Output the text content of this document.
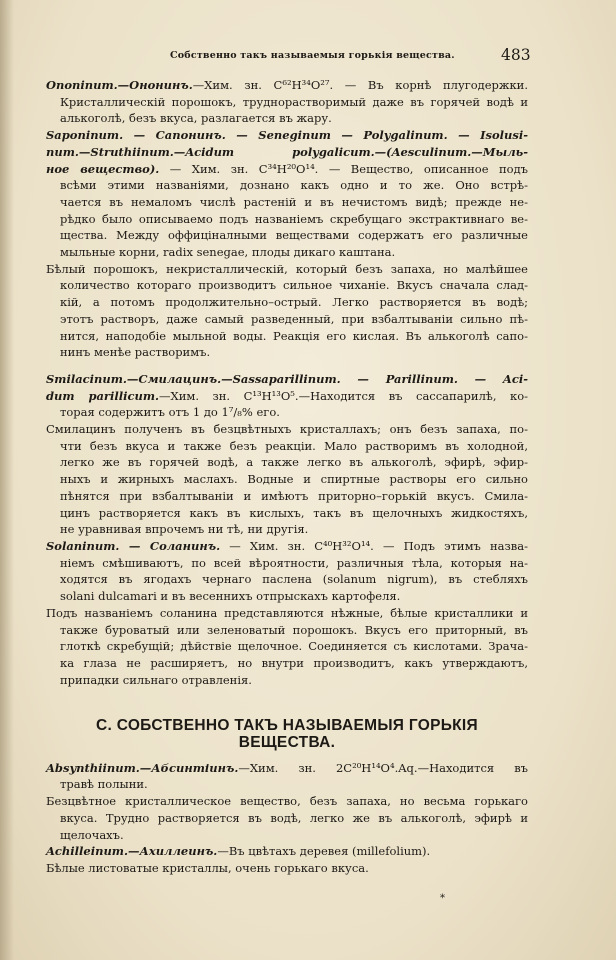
Собственно такъ называемыя горькія вещества.	483

Ononinum.—Ононинъ.—Хим. зн. C⁶²H³⁴O²⁷. — Въ корнѣ плугодержки.

Кристаллическій порошокъ, труднорастворимый даже въ горячей водѣ и

алькоголѣ, безъ вкуса, разлагается въ жару.

Saponinum. — Сапонинъ. — Seneginum — Polygalinum. — Isolusi-

num.—Struthiinum.—Acidum polygalicum.—(Aesculinum.—Мыль-

ное вещество). — Хим. зн. C³⁴H²⁰O¹⁴. — Вещество, описанное подъ

всѣми этими названіями, дознано какъ одно и то же. Оно встрѣ-

чается въ немаломъ числѣ растеній и въ нечистомъ видѣ; прежде не-

рѣдко было описываемо подъ названіемъ скребущаго экстрактивнаго ве-

щества. Между оффиціналными веществами содержатъ его различные

мыльные корни, radix senegae, плоды дикаго каштана.

Бѣлый порошокъ, некристаллическій, который безъ запаха, но малѣйшее

количество котораго производитъ сильное чиханіе. Вкусъ сначала слад-

кій, а потомъ продолжительно–острый. Легко растворяется въ водѣ;

этотъ растворъ, даже самый разведенный, при взбалтываніи сильно пѣ-

нится, наподобіе мыльной воды. Реакція его кислая. Въ алькоголѣ сапо-

нинъ менѣе растворимъ.

Smilacinum.—Смилацинъ.—Sassaparillinum. — Parillinum. — Aci-

dum parillicum.—Хим. зн. C¹³H¹³O⁵.—Находится въ сассапарилѣ, ко-

торая содержитъ отъ 1 до 1⁷/₈% его.

Смилацинъ полученъ въ безцвѣтныхъ кристаллахъ; онъ безъ запаха, по-

чти безъ вкуса и также безъ реакціи. Мало растворимъ въ холодной,

легко же въ горячей водѣ, а также легко въ алькоголѣ, эфирѣ, эфир-

ныхъ и жирныхъ маслахъ. Водные и спиртные растворы его сильно

пѣнятся при взбалтываніи и имѣютъ приторно–горькій вкусъ. Смила-

цинъ растворяется какъ въ кислыхъ, такъ въ щелочныхъ жидкостяхъ,

не уравнивая впрочемъ ни тѣ, ни другія.

Solaninum. — Соланинъ. — Хим. зн. C⁴⁰H³²O¹⁴. — Подъ этимъ назва-

ніемъ смѣшиваютъ, по всей вѣроятности, различныя тѣла, которыя на-

ходятся въ ягодахъ чернаго паслена (solanum nigrum), въ стебляхъ

solani dulcamari и въ весеннихъ отпрыскахъ картофеля.

Подъ названіемъ соланина представляются нѣжные, бѣлые кристаллики и

также буроватый или зеленоватый порошокъ. Вкусъ его приторный, въ

глоткѣ скребущій; дѣйствіе щелочное. Соединяется съ кислотами. Зрача-

ка глаза не расширяетъ, но внутри производитъ, какъ утверждаютъ,

припадки сильнаго отравленія.

C. СОБСТВЕННО ТАКЪ НАЗЫВАЕМЫЯ ГОРЬКІЯ ВЕЩЕСТВА.

Absynthiinum.—Абсинтіинъ.—Хим. зн. 2C²⁰H¹⁴O⁴.Aq.—Находится въ

травѣ полыни.

Безцвѣтное кристаллическое вещество, безъ запаха, но весьма горькаго

вкуса. Трудно растворяется въ водѣ, легко же въ алькоголѣ, эфирѣ и

щелочахъ.

Achilleinum.—Ахиллеинъ.—Въ цвѣтахъ деревея (millefolium).

Бѣлые листоватые кристаллы, очень горькаго вкуса.

*
